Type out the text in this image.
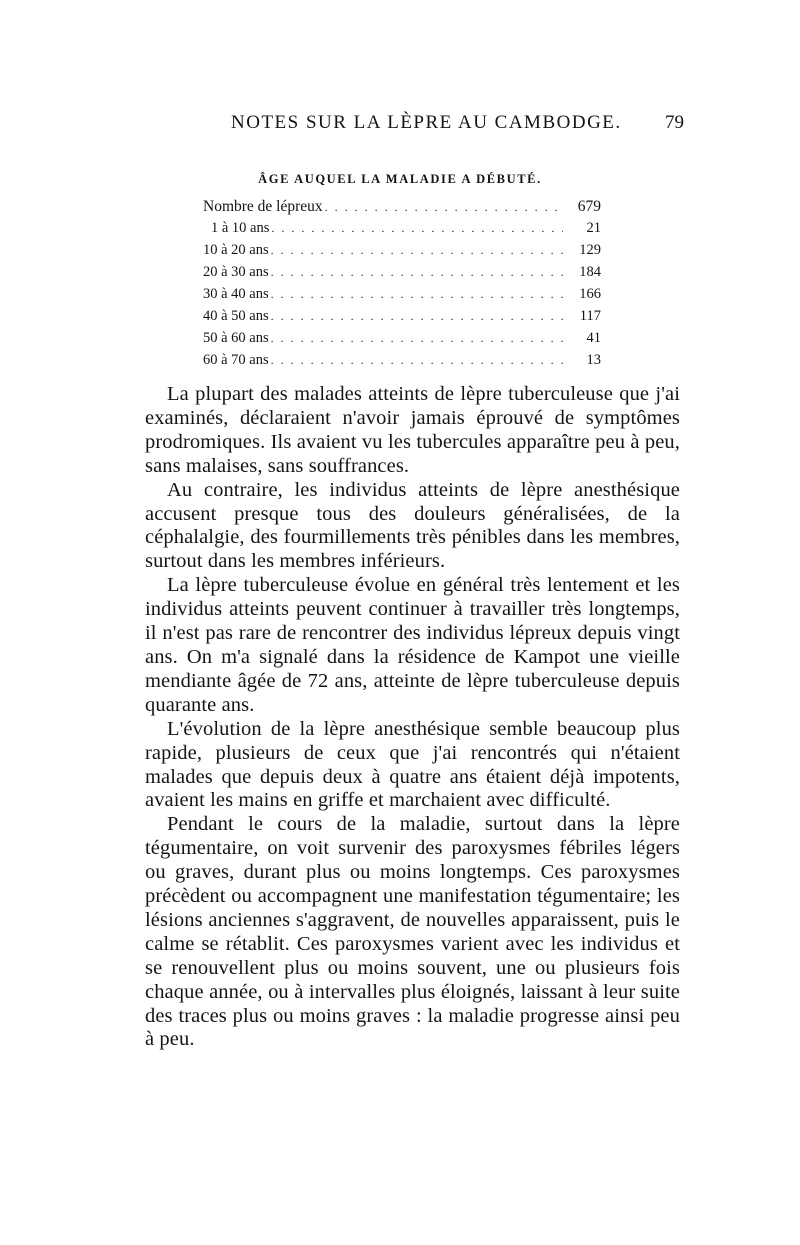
NOTES SUR LA LÈPRE AU CAMBODGE. 79
ÂGE AUQUEL LA MALADIE A DÉBUTÉ.
Nombre de lépreux . . .	679
1 à 10 ans . . .	21
10 à 20 ans . . .	129
20 à 30 ans . . .	184
30 à 40 ans . . .	166
40 à 50 ans . . .	117
50 à 60 ans . . .	41
60 à 70 ans . . .	13

La plupart des malades atteints de lèpre tuberculeuse que j'ai examinés, déclaraient n'avoir jamais éprouvé de symptômes prodromiques. Ils avaient vu les tubercules apparaître peu à peu, sans malaises, sans souffrances.

Au contraire, les individus atteints de lèpre anesthésique accusent presque tous des douleurs généralisées, de la céphalalgie, des fourmillements très pénibles dans les membres, surtout dans les membres inférieurs.

La lèpre tuberculeuse évolue en général très lentement et les individus atteints peuvent continuer à travailler très longtemps, il n'est pas rare de rencontrer des individus lépreux depuis vingt ans. On m'a signalé dans la résidence de Kampot une vieille mendiante âgée de 72 ans, atteinte de lèpre tuberculeuse depuis quarante ans.

L'évolution de la lèpre anesthésique semble beaucoup plus rapide, plusieurs de ceux que j'ai rencontrés qui n'étaient malades que depuis deux à quatre ans étaient déjà impotents, avaient les mains en griffe et marchaient avec difficulté.

Pendant le cours de la maladie, surtout dans la lèpre tégumentaire, on voit survenir des paroxysmes fébriles légers ou graves, durant plus ou moins longtemps. Ces paroxysmes précèdent ou accompagnent une manifestation tégumentaire; les lésions anciennes s'aggravent, de nouvelles apparaissent, puis le calme se rétablit. Ces paroxysmes varient avec les individus et se renouvellent plus ou moins souvent, une ou plusieurs fois chaque année, ou à intervalles plus éloignés, laissant à leur suite des traces plus ou moins graves : la maladie progresse ainsi peu à peu.
